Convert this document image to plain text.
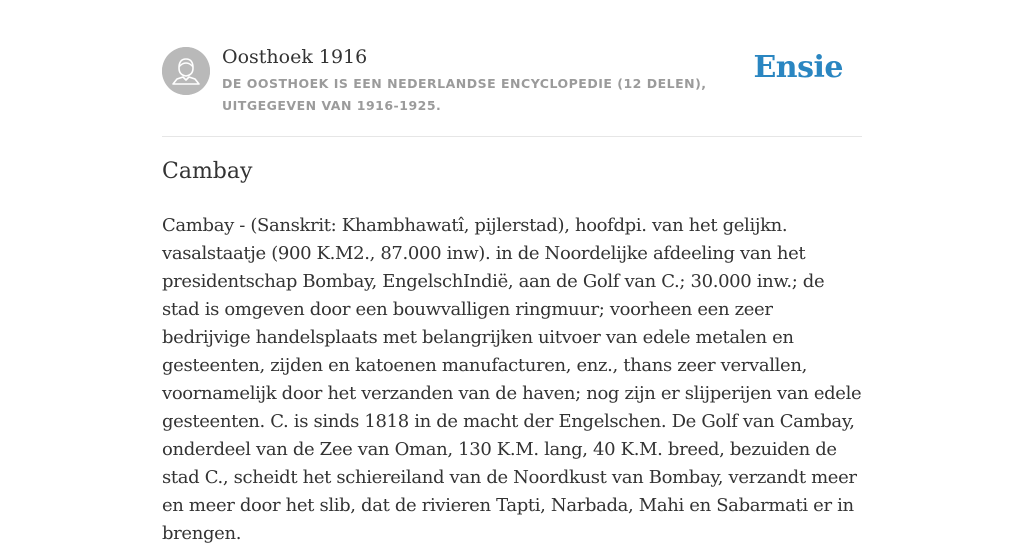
Oosthoek 1916
DE OOSTHOEK IS EEN NEDERLANDSE ENCYCLOPEDIE (12 DELEN), UITGEGEVEN VAN 1916-1925.
Ensie
Cambay

Cambay - (Sanskrit: Khambhawatî, pijlerstad), hoofdpi. van het gelijkn. vasalstaatje (900 K.M2., 87.000 inw). in de Noordelijke afdeeling van het presidentschap Bombay, EngelschIndië, aan de Golf van C.; 30.000 inw.; de stad is omgeven door een bouwvalligen ringmuur; voorheen een zeer bedrijvige handelsplaats met belangrijken uitvoer van edele metalen en gesteenten, zijden en katoenen manufacturen, enz., thans zeer vervallen, voornamelijk door het verzanden van de haven; nog zijn er slijperijen van edele gesteenten. C. is sinds 1818 in de macht der Engelschen. De Golf van Cambay, onderdeel van de Zee van Oman, 130 K.M. lang, 40 K.M. breed, bezuiden de stad C., scheidt het schiereiland van de Noordkust van Bombay, verzandt meer en meer door het slib, dat de rivieren Tapti, Narbada, Mahi en Sabarmati er in brengen.
